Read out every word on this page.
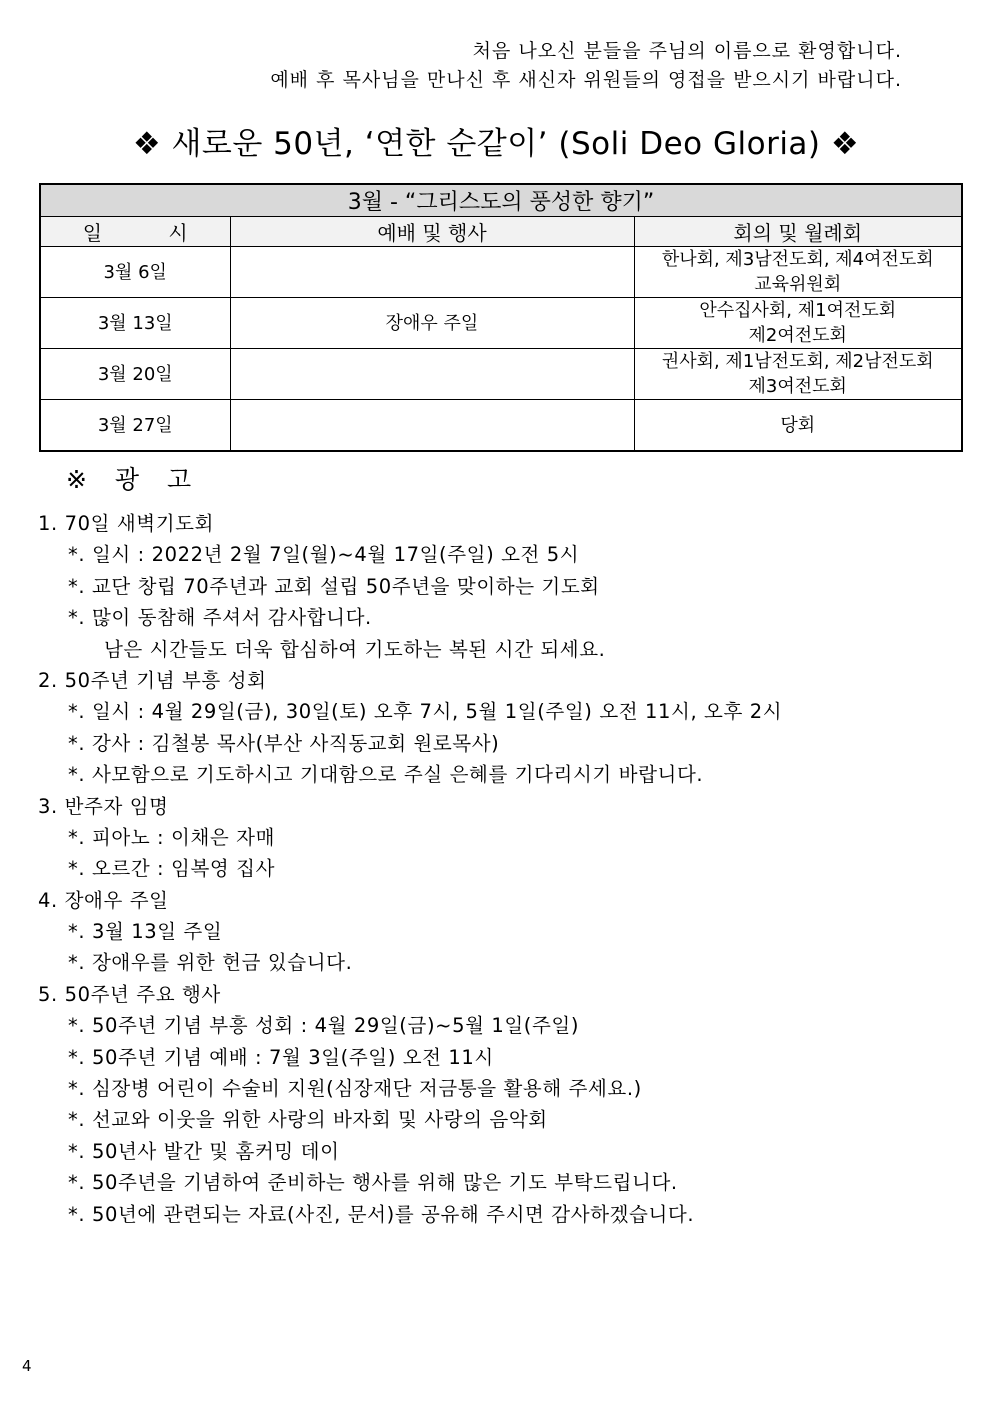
처음 나오신 분들을 주님의 이름으로 환영합니다.
예배 후 목사님을 만나신 후 새신자 위원들의 영접을 받으시기 바랍니다.
❖ 새로운 50년, ‘연한 순같이’ (Soli Deo Gloria) ❖
3월 - “그리스도의 풍성한 향기”		
일 시	예배 및 행사	회의 및 월례회
3월 6일		한나회, 제3남전도회, 제4여전도회
교육위원회

3월 13일	장애우 주일	안수집사회, 제1여전도회
제2여전도회

3월 20일		권사회, 제1남전도회, 제2남전도회
제3여전도회

3월 27일		당회
※ 광 고
1. 70일 새벽기도회
*. 일시 : 2022년 2월 7일(월)~4월 17일(주일) 오전 5시
*. 교단 창립 70주년과 교회 설립 50주년을 맞이하는 기도회
*. 많이 동참해 주셔서 감사합니다.
남은 시간들도 더욱 합심하여 기도하는 복된 시간 되세요.
2. 50주년 기념 부흥 성회
*. 일시 : 4월 29일(금), 30일(토) 오후 7시, 5월 1일(주일) 오전 11시, 오후 2시
*. 강사 : 김철봉 목사(부산 사직동교회 원로목사)
*. 사모함으로 기도하시고 기대함으로 주실 은혜를 기다리시기 바랍니다.
3. 반주자 임명
*. 피아노 : 이채은 자매
*. 오르간 : 임복영 집사
4. 장애우 주일
*. 3월 13일 주일
*. 장애우를 위한 헌금 있습니다.
5. 50주년 주요 행사
*. 50주년 기념 부흥 성회 : 4월 29일(금)~5월 1일(주일)
*. 50주년 기념 예배 : 7월 3일(주일) 오전 11시
*. 심장병 어린이 수술비 지원(심장재단 저금통을 활용해 주세요.)
*. 선교와 이웃을 위한 사랑의 바자회 및 사랑의 음악회
*. 50년사 발간 및 홈커밍 데이
*. 50주년을 기념하여 준비하는 행사를 위해 많은 기도 부탁드립니다.
*. 50년에 관련되는 자료(사진, 문서)를 공유해 주시면 감사하겠습니다.
4
